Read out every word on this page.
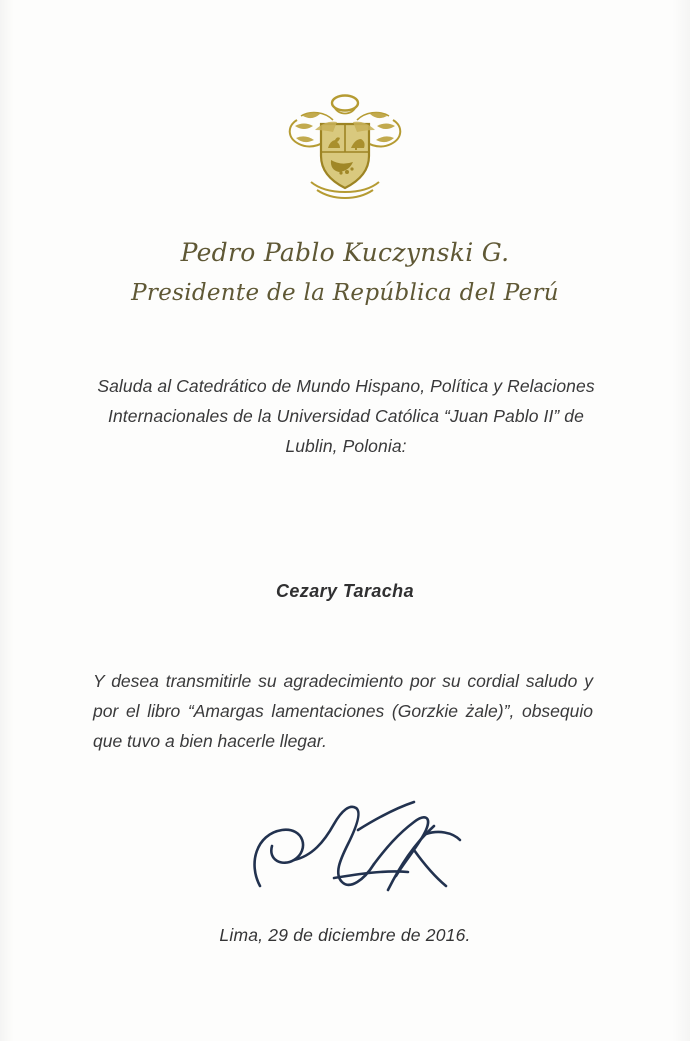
Pedro Pablo Kuczynski G.
Presidente de la República del Perú
Saluda al Catedrático de Mundo Hispano, Política y Relaciones Internacionales de la Universidad Católica “Juan Pablo II” de Lublin, Polonia:
Cezary Taracha
Y desea transmitirle su agradecimiento por su cordial saludo y por el libro “Amargas lamentaciones (Gorzkie żale)”, obsequio que tuvo a bien hacerle llegar.
Lima, 29 de diciembre de 2016.
